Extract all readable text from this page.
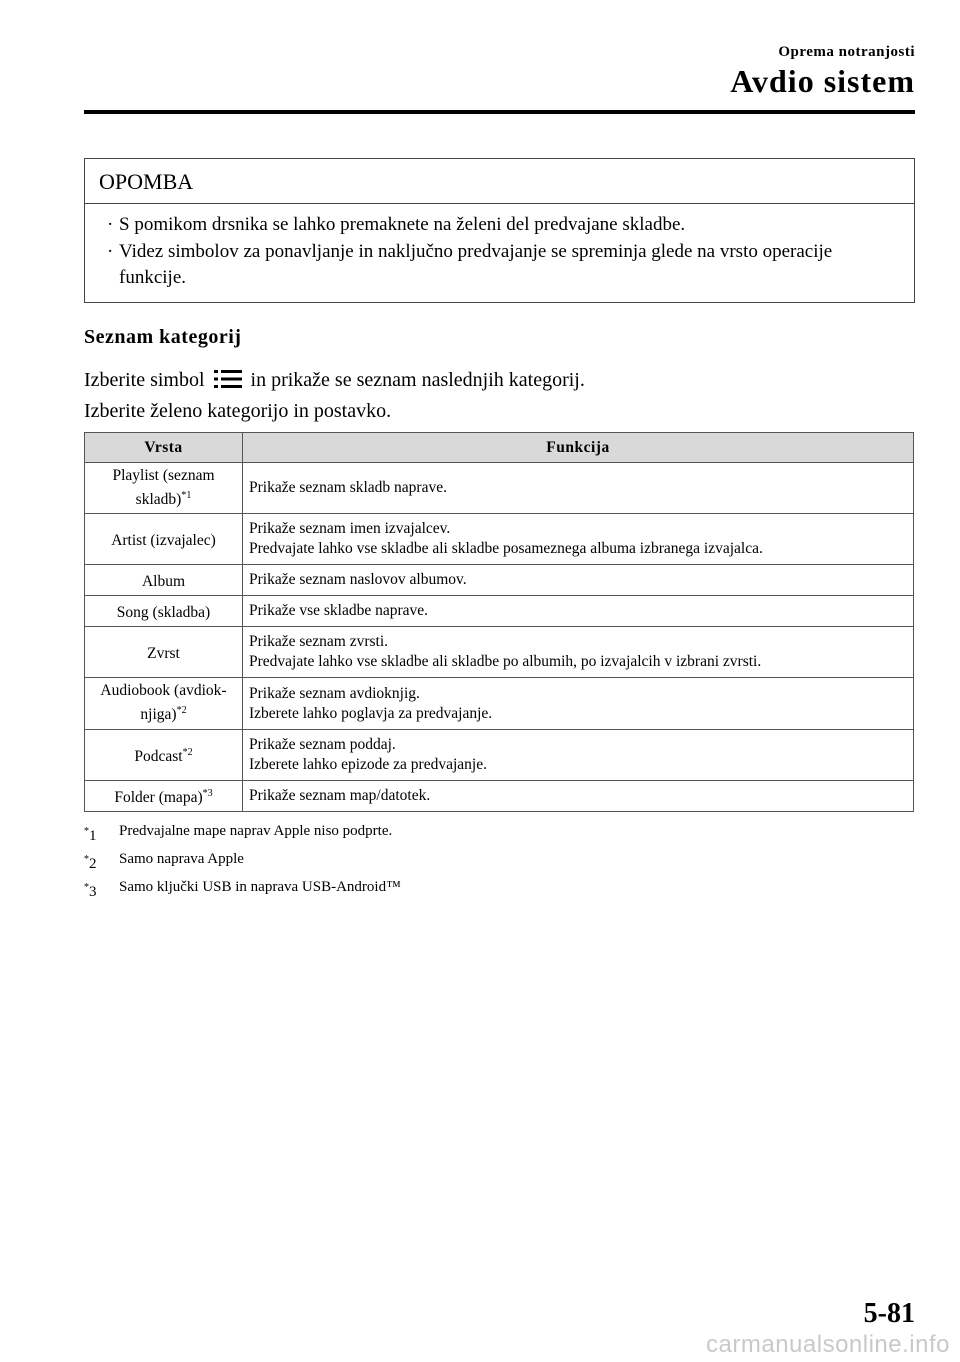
Oprema notranjosti
Avdio sistem
OPOMBA
· S pomikom drsnika se lahko premaknete na želeni del predvajane skladbe.
· Videz simbolov za ponavljanje in naključno predvajanje se spreminja glede na vrsto operacije funkcije.
Seznam kategorij
Izberite simbol in prikaže se seznam naslednjih kategorij.
Izberite želeno kategorijo in postavko.
Vrsta	Funkcija
Playlist (seznam skladb)$^{*1}$	Prikaže seznam skladb naprave.

Artist (izvajalec)	Prikaže seznam imen izvajalcev.
Predvajate lahko vse skladbe ali skladbe posameznega albuma izbranega izvajalca.

Album	Prikaže seznam naslovov albumov.

Song (skladba)	Prikaže vse skladbe naprave.

Zvrst	Prikaže seznam zvrsti.
Predvajate lahko vse skladbe ali skladbe po albumih, po izvajalcih v izbrani zvrsti.

Audiobook (avdiok-njiga)$^{*2}$	Prikaže seznam avdioknjig.
Izberete lahko poglavja za predvajanje.

Podcast$^{*2}$	Prikaže seznam poddaj.
Izberete lahko epizode za predvajanje.

Folder (mapa)$^{*3}$	Prikaže seznam map/datotek.
*1	Predvajalne mape naprav Apple niso podprte.
*2	Samo naprava Apple
*3	Samo ključki USB in naprava USB-Android™
5-81
carmanualsonline.info
